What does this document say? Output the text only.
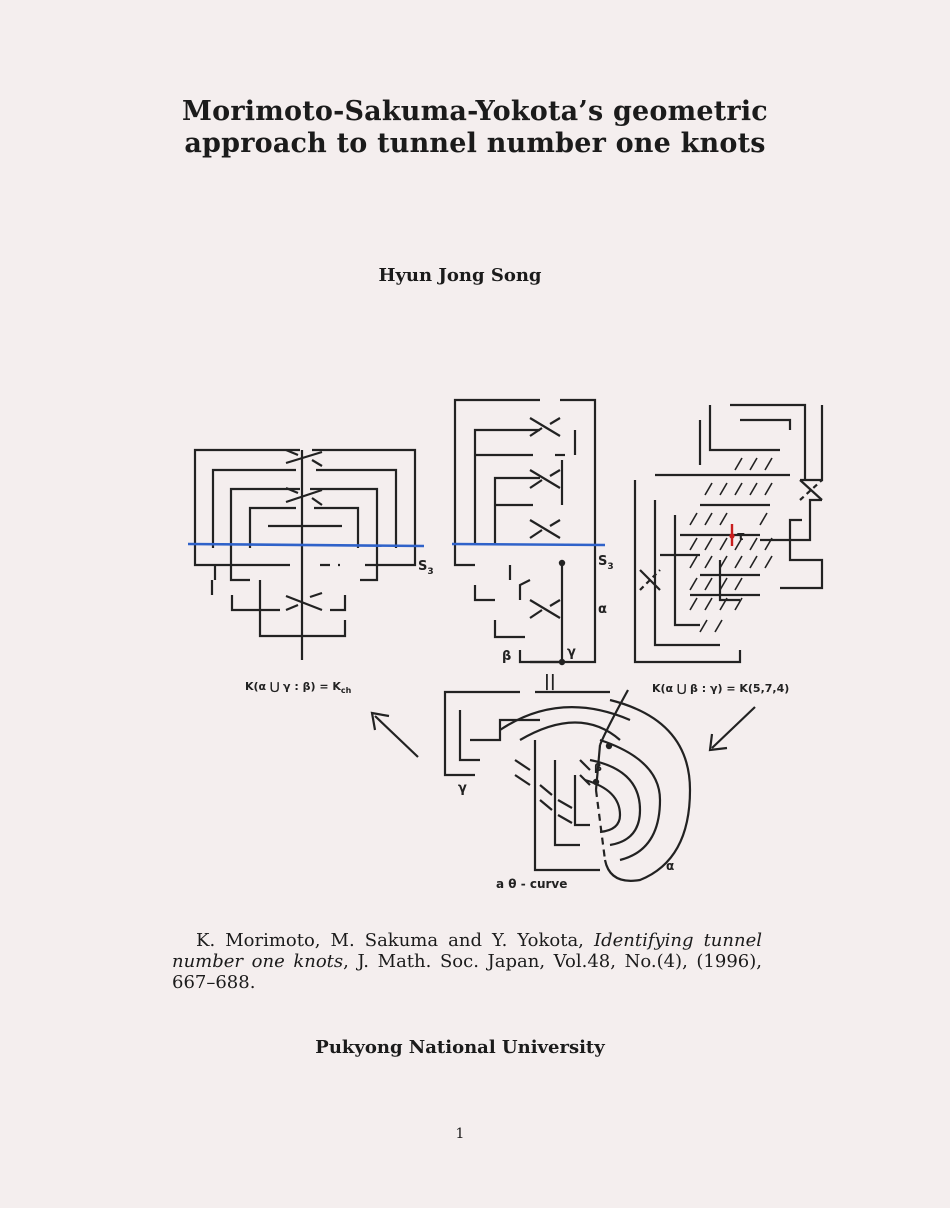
Morimoto-Sakuma-Yokota’s geometric
approach to tunnel number one knots
Hyun Jong Song
$S_3$
$S_3$
α
β	γ
||
τ
K(α ⋃ γ : $\beta) = K_{ch}$	K(α ⋃ β : γ) = K(5,7,4)
γ
β
α
a θ - curve
K. Morimoto, M. Sakuma and Y. Yokota, Identifying tunnel number one knots, J. Math. Soc. Japan, Vol.48, No.(4), (1996), 667–688.
Pukyong National University
1
